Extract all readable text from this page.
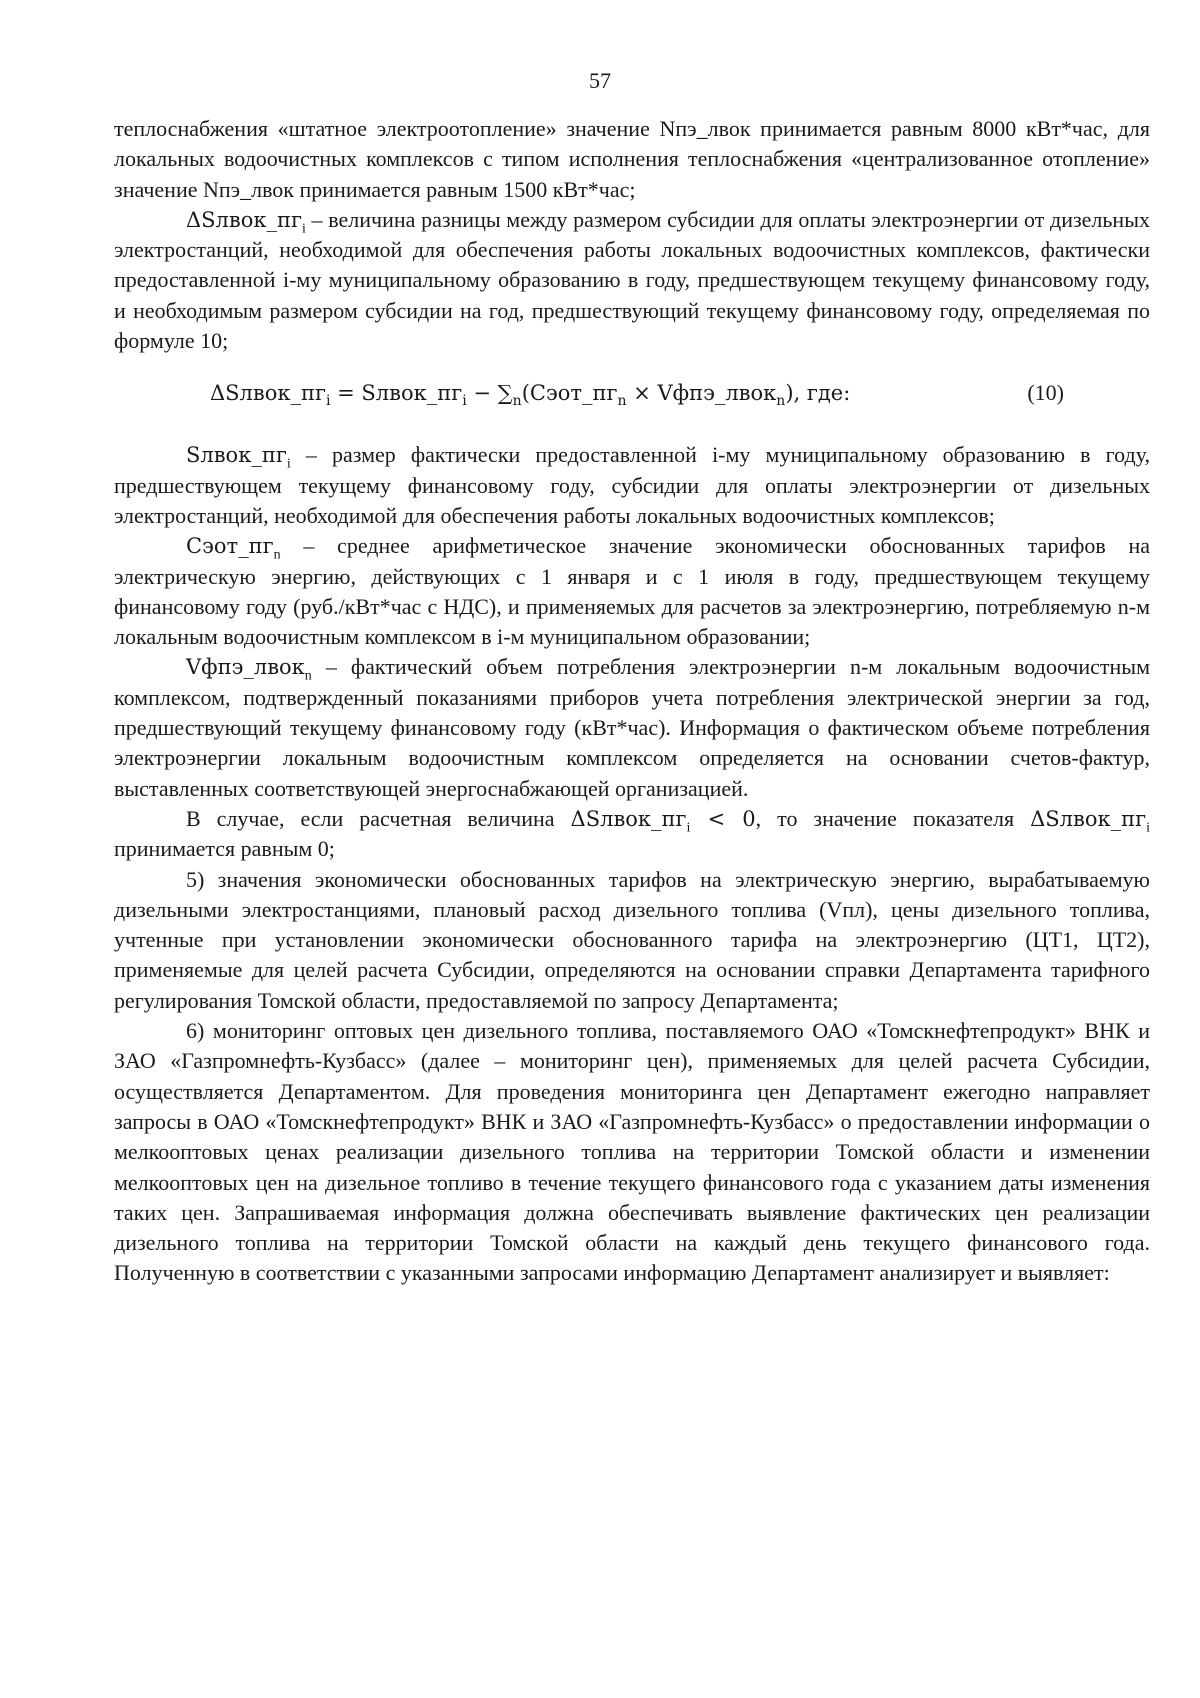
57

теплоснабжения «штатное электроотопление» значение Nпэ_лвок принимается равным 8000 кВт*час, для локальных водоочистных комплексов с типом исполнения теплоснабжения «централизованное отопление» значение Nпэ_лвок принимается равным 1500 кВт*час;

$\Delta Sлвок\_пг_i$ – величина разницы между размером субсидии для оплаты электроэнергии от дизельных электростанций, необходимой для обеспечения работы локальных водоочистных комплексов, фактически предоставленной i-му муниципальному образованию в году, предшествующем текущему финансовому году, и необходимым размером субсидии на год, предшествующий текущему финансовому году, определяемая по формуле 10;

$\Delta Sлвок\_пг_i$ = $Sлвок\_пг_i$ − $\sum_n(Сэот\_пг_n$ × Vфпэ_лвок$_n$), где:	(10)

$Sлвок\_пг_i$ – размер фактически предоставленной i-му муниципальному образованию в году, предшествующем текущему финансовому году, субсидии для оплаты электроэнергии от дизельных электростанций, необходимой для обеспечения работы локальных водоочистных комплексов;

$Сэот\_пг_n$ – среднее арифметическое значение экономически обоснованных тарифов на электрическую энергию, действующих с 1 января и с 1 июля в году, предшествующем текущему финансовому году (руб./кВт*час с НДС), и применяемых для расчетов за электроэнергию, потребляемую n-м локальным водоочистным комплексом в i-м муниципальном образовании;

Vфпэ_лвок$_n$ – фактический объем потребления электроэнергии n-м локальным водоочистным комплексом, подтвержденный показаниями приборов учета потребления электрической энергии за год, предшествующий текущему финансовому году (кВт*час). Информация о фактическом объеме потребления электроэнергии локальным водоочистным комплексом определяется на основании счетов-фактур, выставленных соответствующей энергоснабжающей организацией.

В случае, если расчетная величина $\Delta Sлвок\_пг_i < 0$, то значение показателя $\Delta Sлвок\_пг_i$ принимается равным 0;

5) значения экономически обоснованных тарифов на электрическую энергию, вырабатываемую дизельными электростанциями, плановый расход дизельного топлива (Vпл), цены дизельного топлива, учтенные при установлении экономически обоснованного тарифа на электроэнергию (ЦТ1, ЦТ2), применяемые для целей расчета Субсидии, определяются на основании справки Департамента тарифного регулирования Томской области, предоставляемой по запросу Департамента;

6) мониторинг оптовых цен дизельного топлива, поставляемого ОАО «Томскнефтепродукт» ВНК и ЗАО «Газпромнефть-Кузбасс» (далее – мониторинг цен), применяемых для целей расчета Субсидии, осуществляется Департаментом. Для проведения мониторинга цен Департамент ежегодно направляет запросы в ОАО «Томскнефтепродукт» ВНК и ЗАО «Газпромнефть-Кузбасс» о предоставлении информации о мелкооптовых ценах реализации дизельного топлива на территории Томской области и изменении мелкооптовых цен на дизельное топливо в течение текущего финансового года с указанием даты изменения таких цен. Запрашиваемая информация должна обеспечивать выявление фактических цен реализации дизельного топлива на территории Томской области на каждый день текущего финансового года. Полученную в соответствии с указанными запросами информацию Департамент анализирует и выявляет:
